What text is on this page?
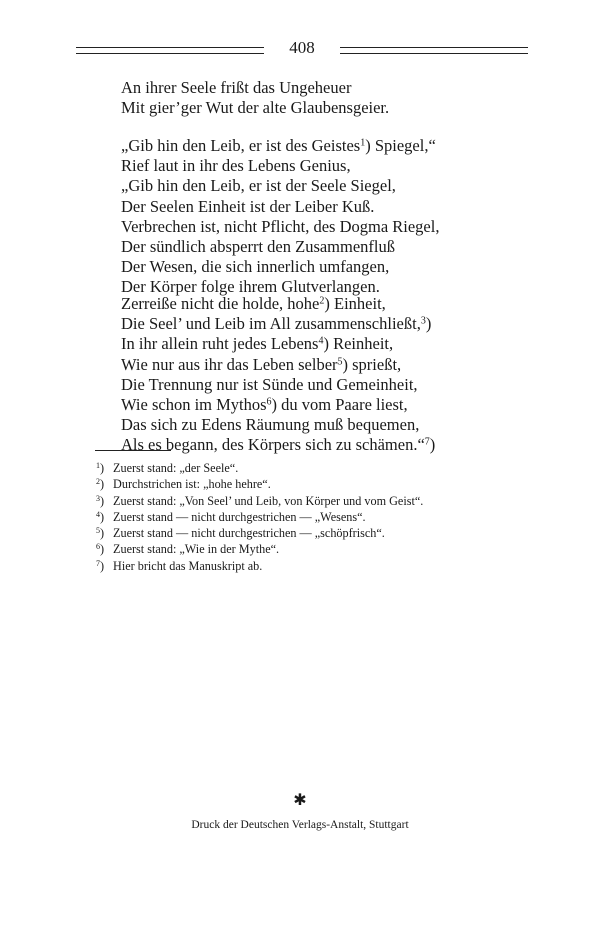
408
An ihrer Seele frißt das Ungeheuer
Mit gier’ger Wut der alte Glaubensgeier.
„Gib hin den Leib, er ist des Geistes$^1$) Spiegel,“
Rief laut in ihr des Lebens Genius,
„Gib hin den Leib, er ist der Seele Siegel,
Der Seelen Einheit ist der Leiber Kuß.
Verbrechen ist, nicht Pflicht, des Dogma Riegel,
Der sündlich absperrt den Zusammenfluß
Der Wesen, die sich innerlich umfangen,
Der Körper folge ihrem Glutverlangen.
Zerreiße nicht die holde, hohe$^2$) Einheit,
Die Seel’ und Leib im All zusammenschließt,$^3$)
In ihr allein ruht jedes Lebens$^4$) Reinheit,
Wie nur aus ihr das Leben selber$^5$) sprießt,
Die Trennung nur ist Sünde und Gemeinheit,
Wie schon im Mythos$^6$) du vom Paare liest,
Das sich zu Edens Räumung muß bequemen,
Als es begann, des Körpers sich zu schämen.“$^7$)
$^1$) Zuerst stand: „der Seele“.
$^2$) Durchstrichen ist: „hohe hehre“.
$^3$) Zuerst stand: „Von Seel’ und Leib, von Körper und vom Geist“.
$^4$) Zuerst stand — nicht durchgestrichen — „Wesens“.
$^5$) Zuerst stand — nicht durchgestrichen — „schöpfrisch“.
$^6$) Zuerst stand: „Wie in der Mythe“.
$^7$) Hier bricht das Manuskript ab.
✱
Druck der Deutschen Verlags-Anstalt, Stuttgart
